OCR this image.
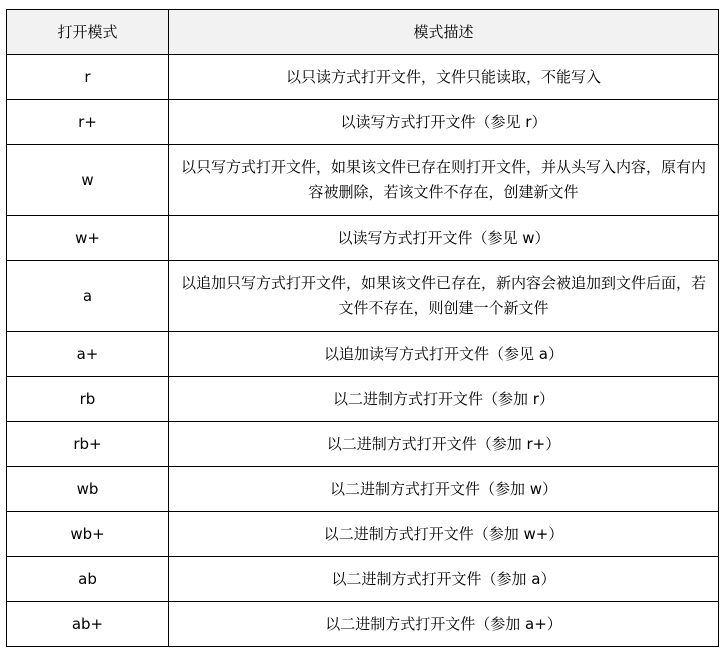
打开模式	模式描述
r	以只读方式打开文件，文件只能读取，不能写入
r+	以读写方式打开文件（参见 r）
w	以只写方式打开文件，如果该文件已存在则打开文件，并从头写入内容，原有内容被删除，若该文件不存在，创建新文件
w+	以读写方式打开文件（参见 w）
a	以追加只写方式打开文件，如果该文件已存在，新内容会被追加到文件后面，若文件不存在，则创建一个新文件
a+	以追加读写方式打开文件（参见 a）
rb	以二进制方式打开文件（参加 r）
rb+	以二进制方式打开文件（参加 r+）
wb	以二进制方式打开文件（参加 w）
wb+	以二进制方式打开文件（参加 w+）
ab	以二进制方式打开文件（参加 a）
ab+	以二进制方式打开文件（参加 a+）
